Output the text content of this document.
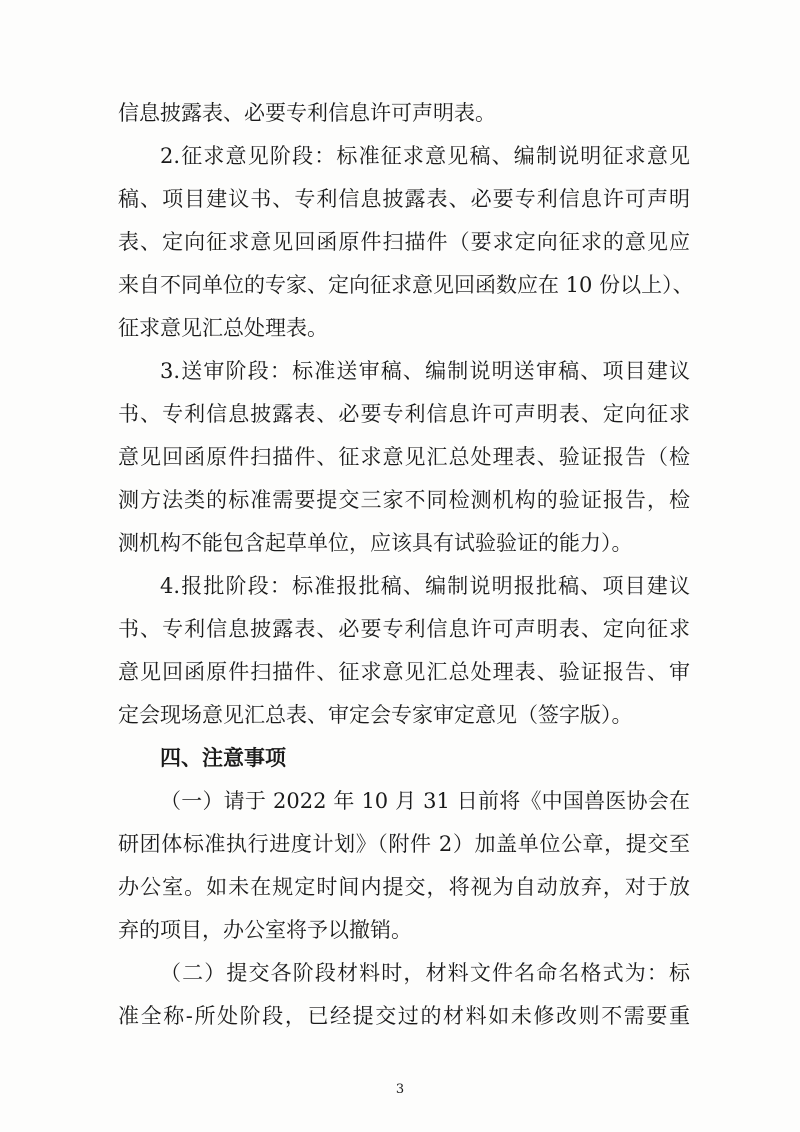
信息披露表、必要专利信息许可声明表。
2.征求意见阶段：标准征求意见稿、编制说明征求意见
稿、项目建议书、专利信息披露表、必要专利信息许可声明
表、定向征求意见回函原件扫描件（要求定向征求的意见应
来自不同单位的专家、定向征求意见回函数应在 10 份以上）、
征求意见汇总处理表。
3.送审阶段：标准送审稿、编制说明送审稿、项目建议
书、专利信息披露表、必要专利信息许可声明表、定向征求
意见回函原件扫描件、征求意见汇总处理表、验证报告（检
测方法类的标准需要提交三家不同检测机构的验证报告，检
测机构不能包含起草单位，应该具有试验验证的能力）。
4.报批阶段：标准报批稿、编制说明报批稿、项目建议
书、专利信息披露表、必要专利信息许可声明表、定向征求
意见回函原件扫描件、征求意见汇总处理表、验证报告、审
定会现场意见汇总表、审定会专家审定意见（签字版）。
四、注意事项
（一）请于 2022 年 10 月 31 日前将《中国兽医协会在
研团体标准执行进度计划》（附件 2）加盖单位公章，提交至
办公室。如未在规定时间内提交，将视为自动放弃，对于放
弃的项目，办公室将予以撤销。
（二）提交各阶段材料时，材料文件名命名格式为：标
准全称-所处阶段，已经提交过的材料如未修改则不需要重
3
